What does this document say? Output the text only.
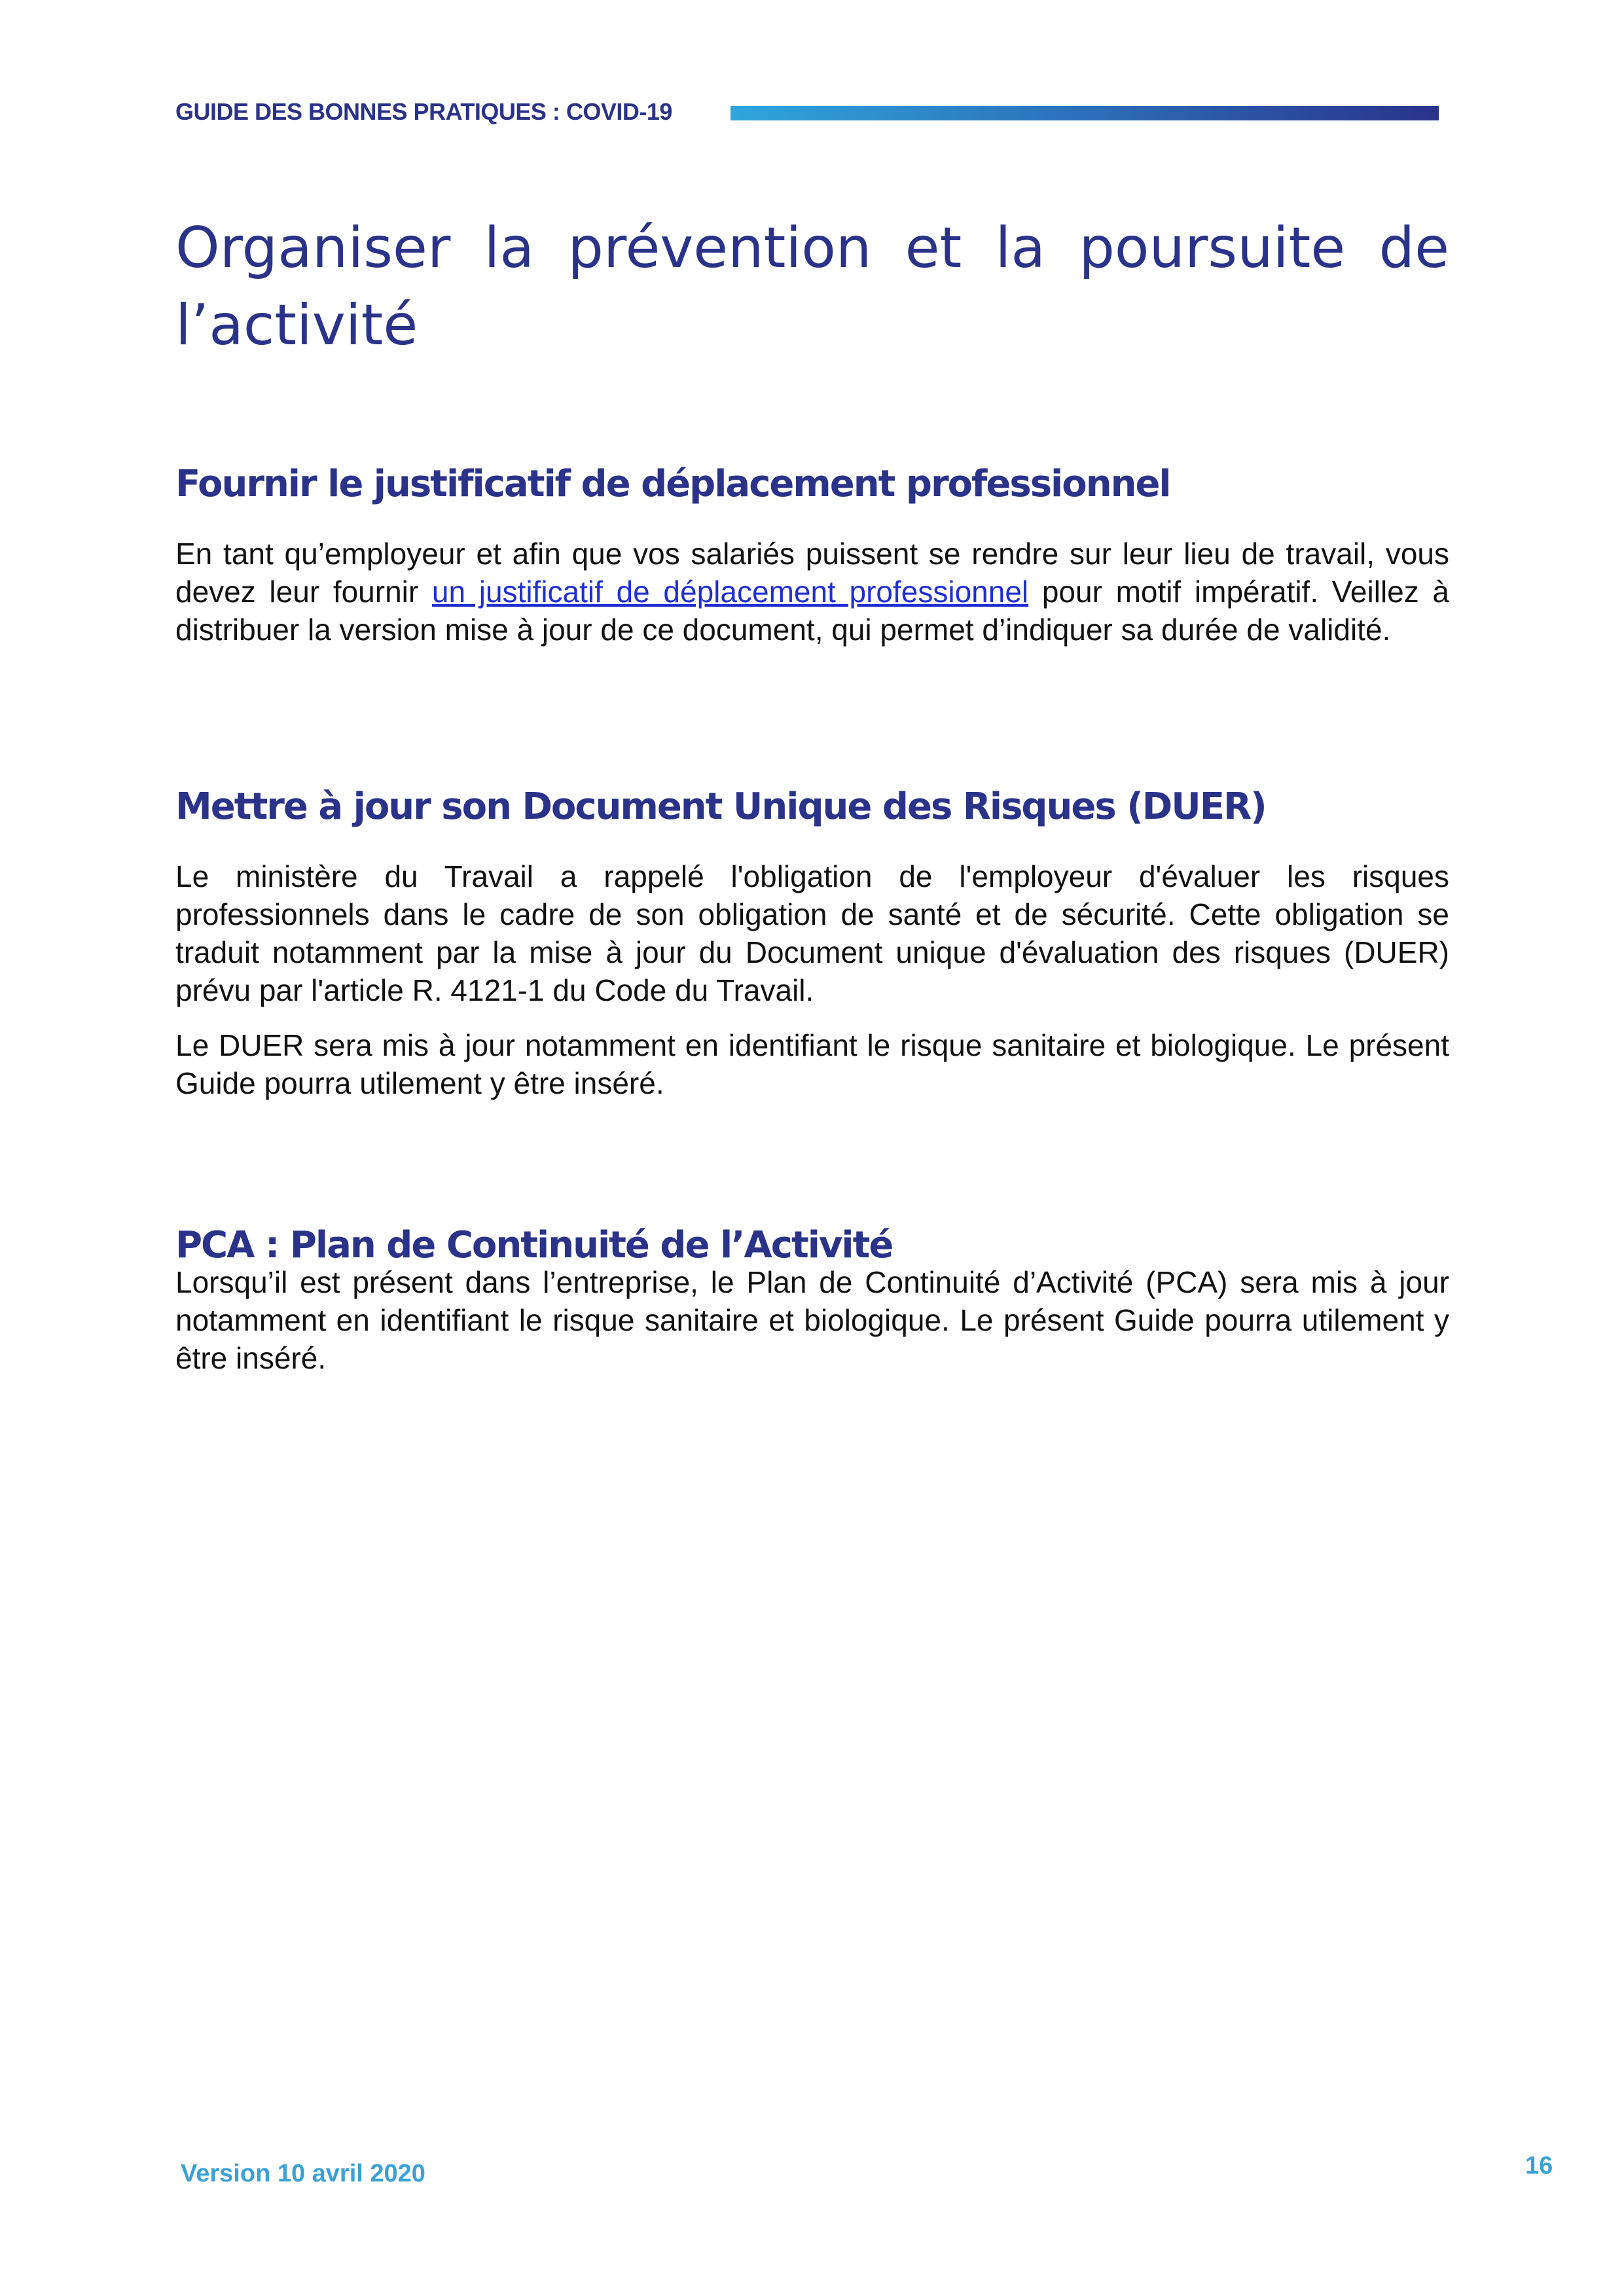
GUIDE DES BONNES PRATIQUES : COVID-19
Organiser la prévention et la poursuite de l’activité
Fournir le justificatif de déplacement professionnel

En tant qu’employeur et afin que vos salariés puissent se rendre sur leur lieu de travail, vous devez leur fournir un justificatif de déplacement professionnel pour motif impératif. Veillez à distribuer la version mise à jour de ce document, qui permet d’indiquer sa durée de validité.

Mettre à jour son Document Unique des Risques (DUER)

Le ministère du Travail a rappelé l'obligation de l'employeur d'évaluer les risques professionnels dans le cadre de son obligation de santé et de sécurité. Cette obligation se traduit notamment par la mise à jour du Document unique d'évaluation des risques (DUER) prévu par l'article R. 4121-1 du Code du Travail.

Le DUER sera mis à jour notamment en identifiant le risque sanitaire et biologique. Le présent Guide pourra utilement y être inséré.

PCA : Plan de Continuité de l’Activité

Lorsqu’il est présent dans l’entreprise, le Plan de Continuité d’Activité (PCA) sera mis à jour notamment en identifiant le risque sanitaire et biologique. Le présent Guide pourra utilement y être inséré.

Version 10 avril 2020	16
